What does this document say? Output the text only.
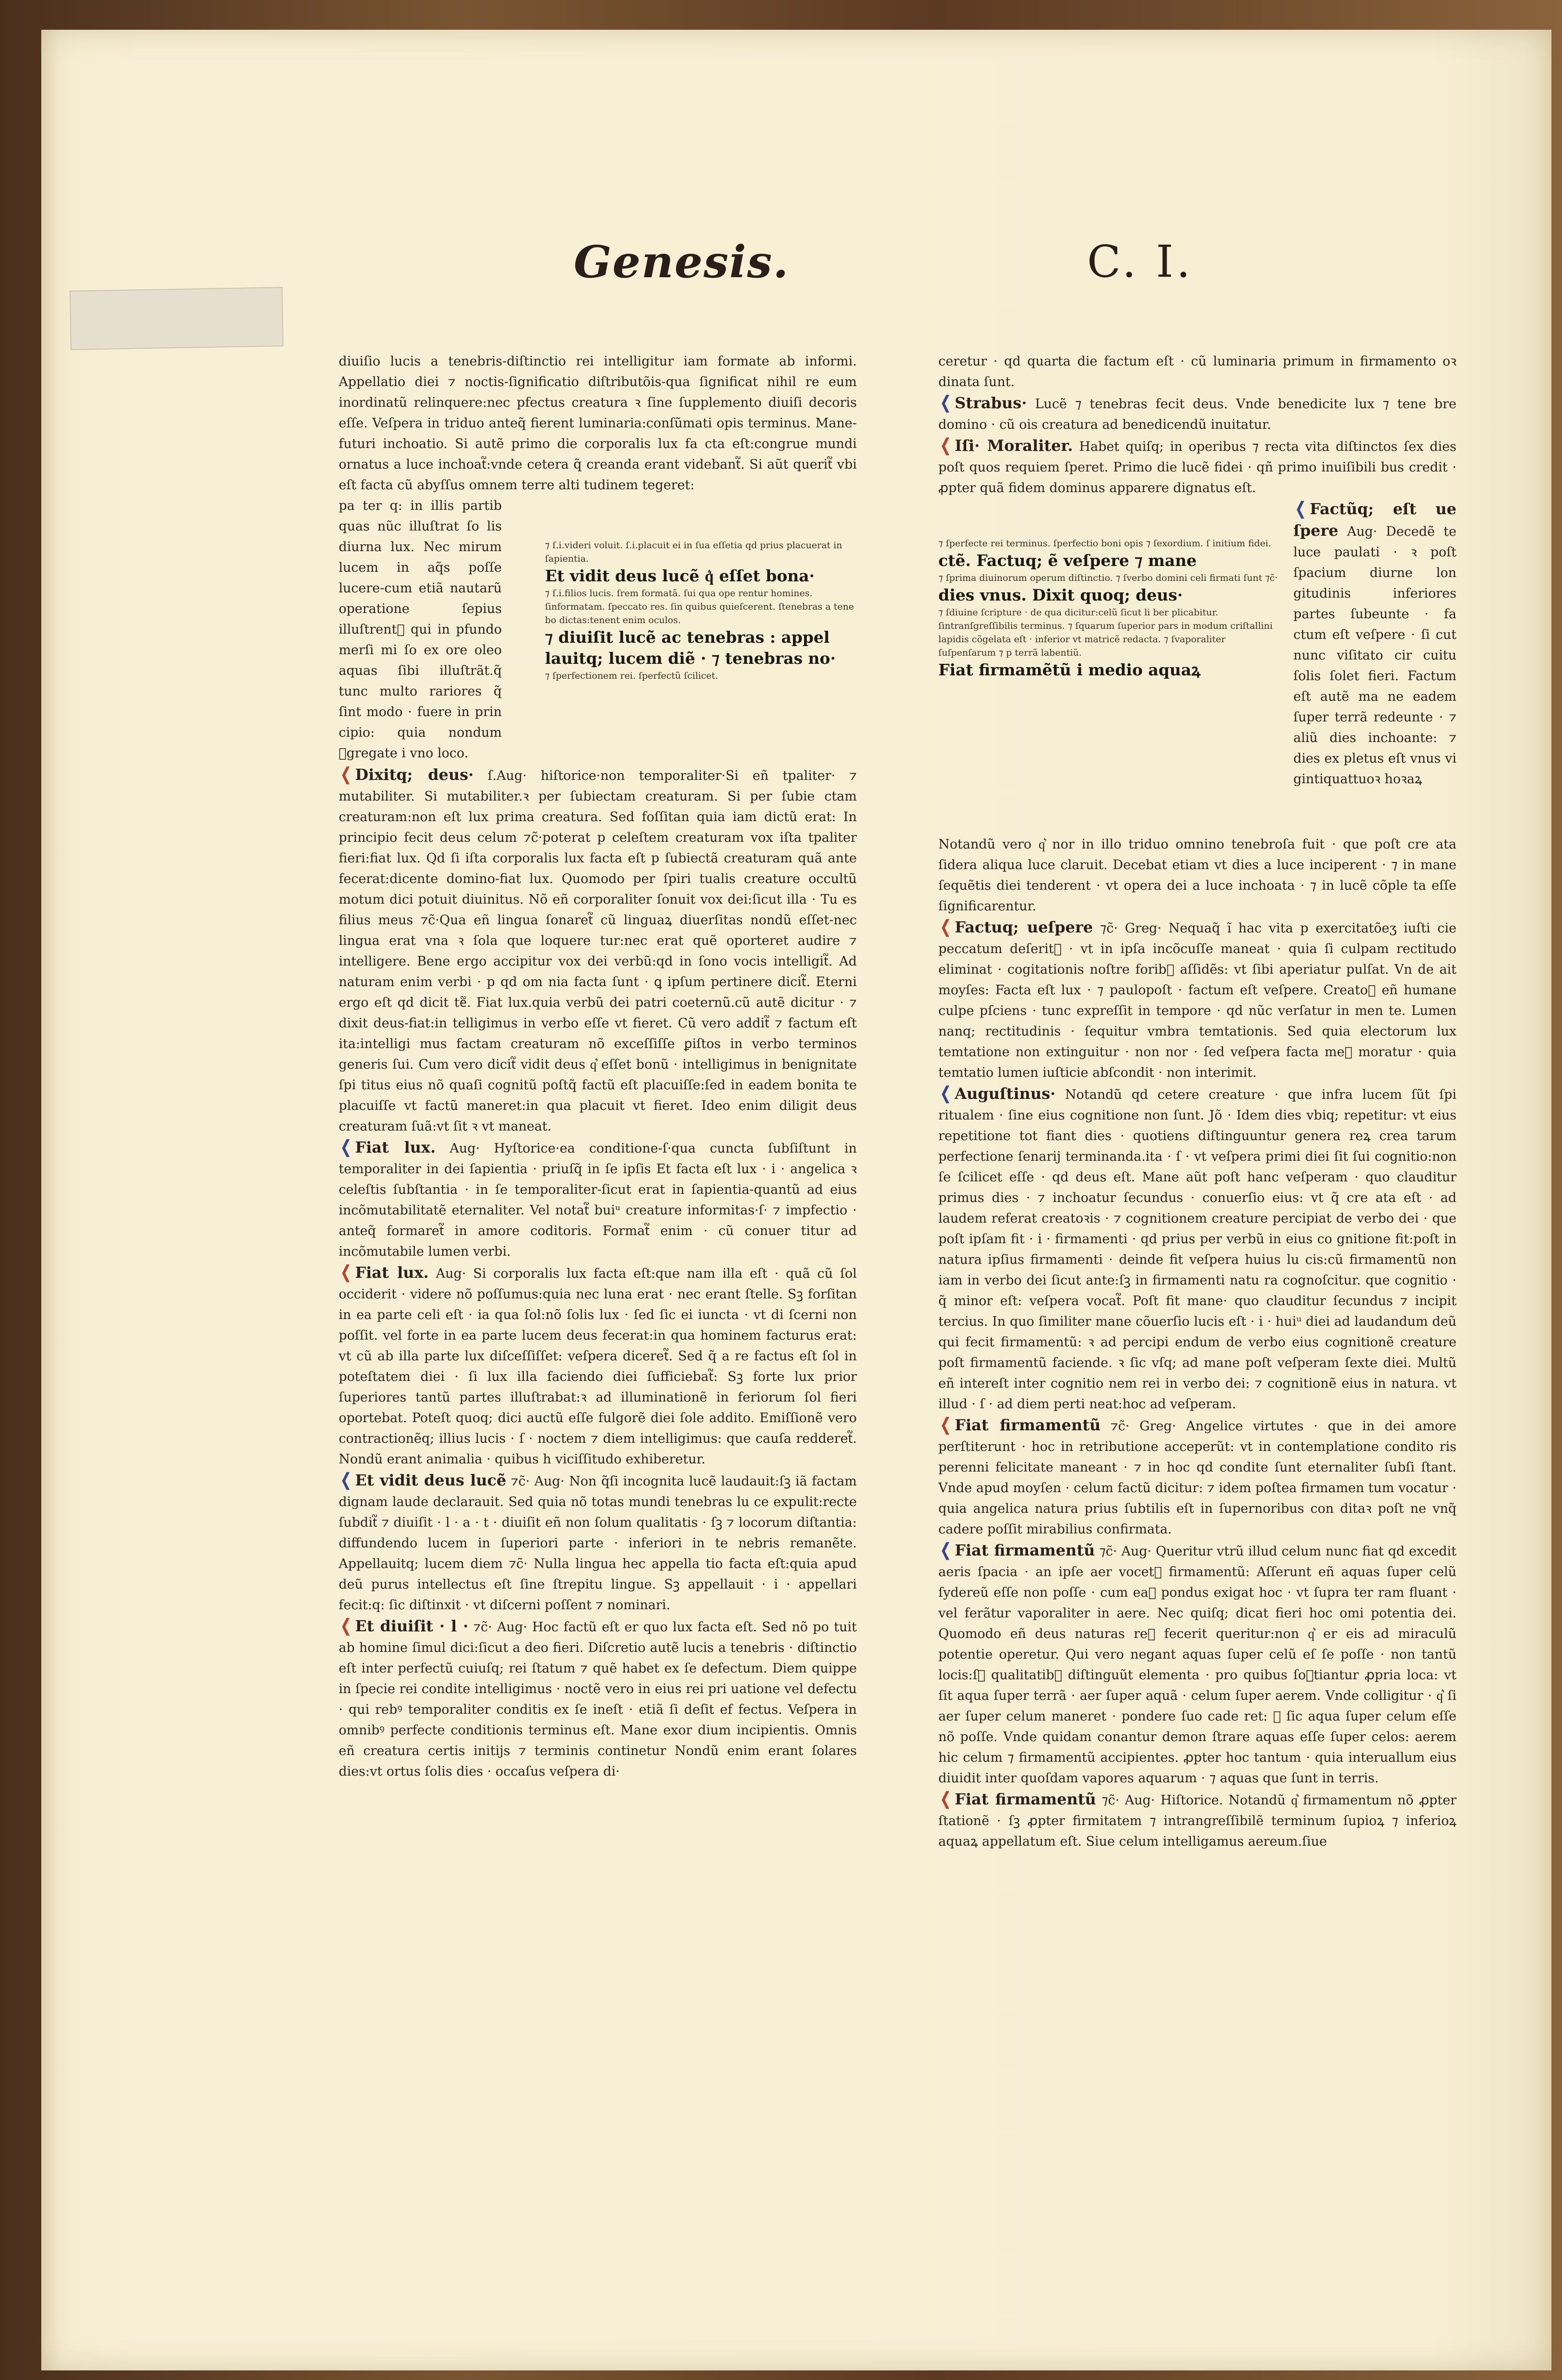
Genesis.	C. I.

diuiſio lucis a tenebris-diſtinctio rei intelligitur iam formate ab informi. Appellatio diei ⁊ noctis-ſignificatio diſtributõis-qua ſignificat nihil re eum inordinatũ relinquere:nec pfectus creatura ꝛ ſine ſupplemento diuiſi decoris eſſe. Veſpera in triduo anteq̃ fierent luminaria:conſũmati opis terminus. Mane-futuri inchoatio. Si autẽ primo die corporalis lux fa cta eſt:congrue mundi ornatus a luce inchoat᷑:vnde cetera q̃ creanda erant videbant᷑. Si aũt querit᷑ vbi eſt facta cũ abyſſus omnem terre alti tudinem tegeret:

pa ter q: in illis partib quas nũc illuſtrat ſo lis diurna lux. Nec mirum lucem in aq̃s poſſe lucere-cum etiã nautarũ operatione ſepius illuſtrent᷑ qui in pfundo merſi mi ſo ex ore oleo aquas ſibi illuſtrãt.q̃ tunc multo rariores q̃ ſint modo · fuere in prin cipio: quia nondum ꝯgregate i vno loco.

⁊ ſ.i.videri voluit. ſ.i.placuit ei in ſua eſſetia qd prius placuerat in ſapientia.

Et vidit deus lucẽ q͛ eſſet bona·

⁊ ſ.i.filios lucis. ſrem formatã. ſui qua ope rentur homines. ſinformatam. ſpeccato res. ſin quibus quieſcerent. ſtenebras a tene bo dictas:tenent enim oculos.

⁊ diuiſit lucẽ ac tenebras : appel lauitq; lucem diẽ · ⁊ tenebras no·

⁊ ſperfectionem rei. ſperfectũ ſcilicet.

❬ Dixitq; deus· ſ.Aug· hiſtorice·non temporaliter·Si eñ tpaliter· ⁊ mutabiliter. Si mutabiliter.ꝛ per ſubiectam creaturam. Si per ſubie ctam creaturam:non eſt lux prima creatura. Sed foſſitan quia iam dictũ erat: In principio fecit deus celum ⁊c̃·poterat p celeſtem creaturam vox iſta tpaliter fieri:fiat lux. Qd ſi iſta corporalis lux facta eſt p ſubiectã creaturam quã ante fecerat:dicente domino-fiat lux. Quomodo per ſpiri tualis creature occultũ motum dici potuit diuinitus. Nõ eñ corporaliter ſonuit vox dei:ſicut illa · Tu es filius meus ⁊c̃·Qua eñ lingua ſonaret᷑ cũ linguaꝝ diuerſitas nondũ eſſet-nec lingua erat vna ꝛ ſola que loquere tur:nec erat quẽ oporteret audire ⁊ intelligere. Bene ergo accipitur vox dei verbũ:qd in ſono vocis intelligit᷑. Ad naturam enim verbi · p qd om nia facta ſunt · ꝗ ipſum pertinere dicit᷑. Eterni ergo eſt qd dicit te᷑. Fiat lux.quia verbũ dei patri coeternũ.cũ autẽ dicitur · ⁊ dixit deus-fiat:in telligimus in verbo eſſe vt fieret. Cũ vero addit᷑ ⁊ factum eſt ita:intelligi mus factam creaturam nõ exceſſiſſe ꝑiſtos in verbo terminos generis ſui. Cum vero dicit᷑ vidit deus q͛ eſſet bonũ · intelligimus in benignitate ſpi titus eius nõ quaſi cognitũ poſtq̃ factũ eſt placuiſſe:ſed in eadem bonita te placuiſſe vt factũ maneret:in qua placuit vt fieret. Ideo enim diligit deus creaturam ſuã:vt ſit ꝛ vt maneat.

❬ Fiat lux. Aug· Hyſtorice·ea conditione-ſ·qua cuncta ſubſiſtunt in temporaliter in dei ſapientia · priuſq̃ in ſe ipſis Et facta eſt lux · i · angelica ꝛ celeſtis ſubſtantia · in ſe temporaliter-ſicut erat in ſapientia-quantũ ad eius incõmutabilitatẽ eternaliter. Vel notat᷑ buiᵘ creature informitas·ſ· ⁊ impfectio · anteq̃ formaret᷑ in amore coditoris. Format᷑ enim · cũ conuer titur ad incõmutabile lumen verbi.

❬ Fiat lux. Aug· Si corporalis lux facta eſt:que nam illa eſt · quã cũ ſol occiderit · videre nõ poſſumus:quia nec luna erat · nec erant ſtelle. Sꝫ forſitan in ea parte celi eſt · ia qua ſol:nõ ſolis lux · ſed ſic ei iuncta · vt di ſcerni non poſſit. vel forte in ea parte lucem deus fecerat:in qua hominem facturus erat: vt cũ ab illa parte lux diſceſſiſſet: veſpera diceret᷑. Sed q̃ a re factus eſt ſol in poteſtatem diei · ſi lux illa faciendo diei ſufficiebat᷑: Sꝫ forte lux prior ſuperiores tantũ partes illuſtrabat:ꝛ ad illuminationẽ in feriorum ſol fieri oportebat. Poteſt quoq; dici auctũ eſſe fulgorẽ diei ſole addito. Emiſſionẽ vero contractionẽq; illius lucis · ſ · noctem ⁊ diem intelligimus: que cauſa redderet᷑. Nondũ erant animalia · quibus h viciſſitudo exhiberetur.

❬ Et vidit deus lucẽ ⁊c̃· Aug· Non q̃ſi incognita lucẽ laudauit:ſꝫ iã factam dignam laude declarauit. Sed quia nõ totas mundi tenebras lu ce expulit:recte ſubdit᷑ ⁊ diuiſit · l · a · t · diuiſit eñ non ſolum qualitatis · ſꝫ ⁊ locorum diſtantia: diffundendo lucem in ſuperiori parte · inferiori in te nebris remanẽte. Appellauitq; lucem diem ⁊c̃· Nulla lingua hec appella tio facta eſt:quia apud deũ purus intellectus eſt ſine ſtrepitu lingue. Sꝫ appellauit · i · appellari fecit:q: ſic diſtinxit · vt diſcerni poſſent ⁊ nominari.

❬ Et diuiſit · l · ⁊c̃· Aug· Hoc factũ eſt er quo lux facta eſt. Sed nõ po tuit ab homine ſimul dici:ſicut a deo fieri. Diſcretio autẽ lucis a tenebris · diſtinctio eſt inter perfectũ cuiuſq; rei ſtatum ⁊ quẽ habet ex ſe defectum. Diem quippe in ſpecie rei condite intelligimus · noctẽ vero in eius rei pri uatione vel defectu · qui rebꝰ temporaliter conditis ex ſe ineſt · etiã ſi deſit ef fectus. Veſpera in omnibꝰ perfecte conditionis terminus eſt. Mane exor dium incipientis. Omnis eñ creatura certis initijs ⁊ terminis continetur Nondũ enim erant ſolares dies:vt ortus ſolis dies · occaſus veſpera di·

ceretur · qd quarta die factum eſt · cũ luminaria primum in firmamento oꝛ dinata ſunt.

❬ Strabus· Lucẽ ⁊ tenebras fecit deus. Vnde benedicite lux ⁊ tene bre domino · cũ ois creatura ad benedicendũ inuitatur.

❬ Iſi· Moraliter. Habet quiſq; in operibus ⁊ recta vita diſtinctos ſex dies poſt quos requiem ſperet. Primo die lucẽ fidei · qñ primo inuiſibili bus credit · ꝓpter quã fidem dominus apparere dignatus eſt.

⁊ ſperfecte rei terminus. ſperfectio boni opis ⁊ ſexordium. ſ initium fidei.

ctẽ. Factuq; ẽ veſpere ⁊ mane

⁊ ſprima diuinorum operum diſtinctio. ⁊ ſverbo domini celi firmati ſunt ⁊c̃·

dies vnus. Dixit quoq; deus·

⁊ ſdiuine ſcripture · de qua dicitur:celũ ſicut li ber plicabitur. ſintranſgreſſibilis terminus. ⁊ ſquarum ſuperior pars in modum criſtallini lapidis cõgelata eſt · inferior vt matricẽ redacta. ⁊ ſvaporaliter ſuſpenſarum ⁊ p terrã labentiũ.

Fiat firmamẽtũ i medio aquaꝝ

❬ Factũq; eſt ue ſpere Aug· Decedẽ te luce paulati · ꝛ poſt ſpacium diurne lon gitudinis inferiores partes ſubeunte · fa ctum eſt veſpere · ſi cut nunc viſitato cir cuitu ſolis ſolet fieri. Factum eſt autẽ ma ne eadem ſuper terrã redeunte · ⁊ aliũ dies inchoante: ⁊ dies ex pletus eſt vnus vi gintiquattuoꝛ hoꝛaꝝ

Notandũ vero q͛ nor in illo triduo omnino tenebroſa fuit · que poſt cre ata ſidera aliqua luce claruit. Decebat etiam vt dies a luce inciperent · ⁊ in mane ſequẽtis diei tenderent · vt opera dei a luce inchoata · ⁊ in lucẽ cõple ta eſſe ſignificarentur.

❬ Factuq; ueſpere ⁊c̃· Greg· Nequaq̃ ĩ hac vita p exercitatõeʒ iuſti cie peccatum deſerit᷑ · vt in ipſa incõcuſſe maneat · quia ſi culpam rectitudo eliminat · cogitationis noſtre forib᷑ aſſidẽs: vt ſibi aperiatur pulſat. Vn de ait moyſes: Facta eſt lux · ⁊ paulopoſt · factum eſt veſpere. Creatoꝛ eñ humane culpe pſciens · tunc expreſſit in tempore · qd nũc verſatur in men te. Lumen nanq; rectitudinis · ſequitur vmbra temtationis. Sed quia electorum lux temtatione non extinguitur · non nor · ſed veſpera facta meꝛ moratur · quia temtatio lumen iuſticie abſcondit · non interimit.

❬ Auguſtinus· Notandũ qd cetere creature · que infra lucem ſũt ſpi ritualem · ſine eius cognitione non ſunt. Jõ · Idem dies vbiq; repetitur: vt eius repetitione tot fiant dies · quotiens diſtinguuntur genera reꝝ crea tarum perfectione ſenarij terminanda.ita · ſ · vt veſpera primi diei ſit ſui cognitio:non ſe ſcilicet eſſe · qd deus eſt. Mane aũt poſt hanc veſperam · quo clauditur primus dies · ⁊ inchoatur ſecundus · conuerſio eius: vt q̃ cre ata eſt · ad laudem referat creatoꝛis · ⁊ cognitionem creature percipiat de verbo dei · que poſt ipſam fit · i · firmamenti · qd prius per verbũ in eius co gnitione fit:poſt in natura ipſius firmamenti · deinde fit veſpera huius lu cis:cũ firmamentũ non iam in verbo dei ſicut ante:ſꝫ in firmamenti natu ra cognoſcitur. que cognitio · q̃ minor eſt: veſpera vocat᷑. Poſt fit mane· quo clauditur ſecundus ⁊ incipit tercius. In quo ſimiliter mane cõuerſio lucis eſt · i · huiᵘ diei ad laudandum deũ qui fecit firmamentũ: ꝛ ad percipi endum de verbo eius cognitionẽ creature poſt firmamentũ faciende. ꝛ ſic vſq; ad mane poſt veſperam ſexte diei. Multũ eñ intereſt inter cognitio nem rei in verbo dei: ⁊ cognitionẽ eius in natura. vt illud · ſ · ad diem perti neat:hoc ad veſperam.

❬ Fiat firmamentũ ⁊c̃· Greg· Angelice virtutes · que in dei amore perſtiterunt · hoc in retributione acceperũt: vt in contemplatione condito ris perenni felicitate maneant · ⁊ in hoc qd condite ſunt eternaliter ſubſi ſtant. Vnde apud moyſen · celum factũ dicitur: ⁊ idem poſtea firmamen tum vocatur · quia angelica natura prius ſubtilis eſt in ſupernoribus con ditaꝛ poſt ne vnq̃ cadere poſſit mirabilius confirmata.

❬ Fiat firmamentũ ⁊c̃· Aug· Queritur vtrũ illud celum nunc fiat qd excedit aeris ſpacia · an ipſe aer vocet᷑ firmamentũ: Aſſerunt eñ aquas ſuper celũ ſydereũ eſſe non poſſe · cum eaꝝ pondus exigat hoc · vt ſupra ter ram fluant · vel ferãtur vaporaliter in aere. Nec quiſq; dicat fieri hoc omi potentia dei. Quomodo eñ deus naturas reꝝ fecerit queritur:non q͛ er eis ad miraculũ potentie operetur. Qui vero negant aquas ſuper celũ eſ ſe poſſe · non tantũ locis:ſꝫ qualitatib᷑ diſtinguũt elementa · pro quibus ſoꝛtiantur ꝓpria loca: vt ſit aqua ſuper terrã · aer ſuper aquã · celum ſuper aerem. Vnde colligitur · q͛ ſi aer ſuper celum maneret · pondere ſuo cade ret: ꝛ ſic aqua ſuper celum eſſe nõ poſſe. Vnde quidam conantur demon ſtrare aquas eſſe ſuper celos: aerem hic celum ⁊ firmamentũ accipientes. ꝓpter hoc tantum · quia interuallum eius diuidit inter quoſdam vapores aquarum · ⁊ aquas que ſunt in terris.

❬ Fiat firmamentũ ⁊c̃· Aug· Hiſtorice. Notandũ q͛ firmamentum nõ ꝓpter ſtationẽ · ſꝫ ꝓpter firmitatem ⁊ intrangreſſibilẽ terminum ſupioꝝ ⁊ inferioꝝ aquaꝝ appellatum eſt. Siue celum intelligamus aereum.ſiue
